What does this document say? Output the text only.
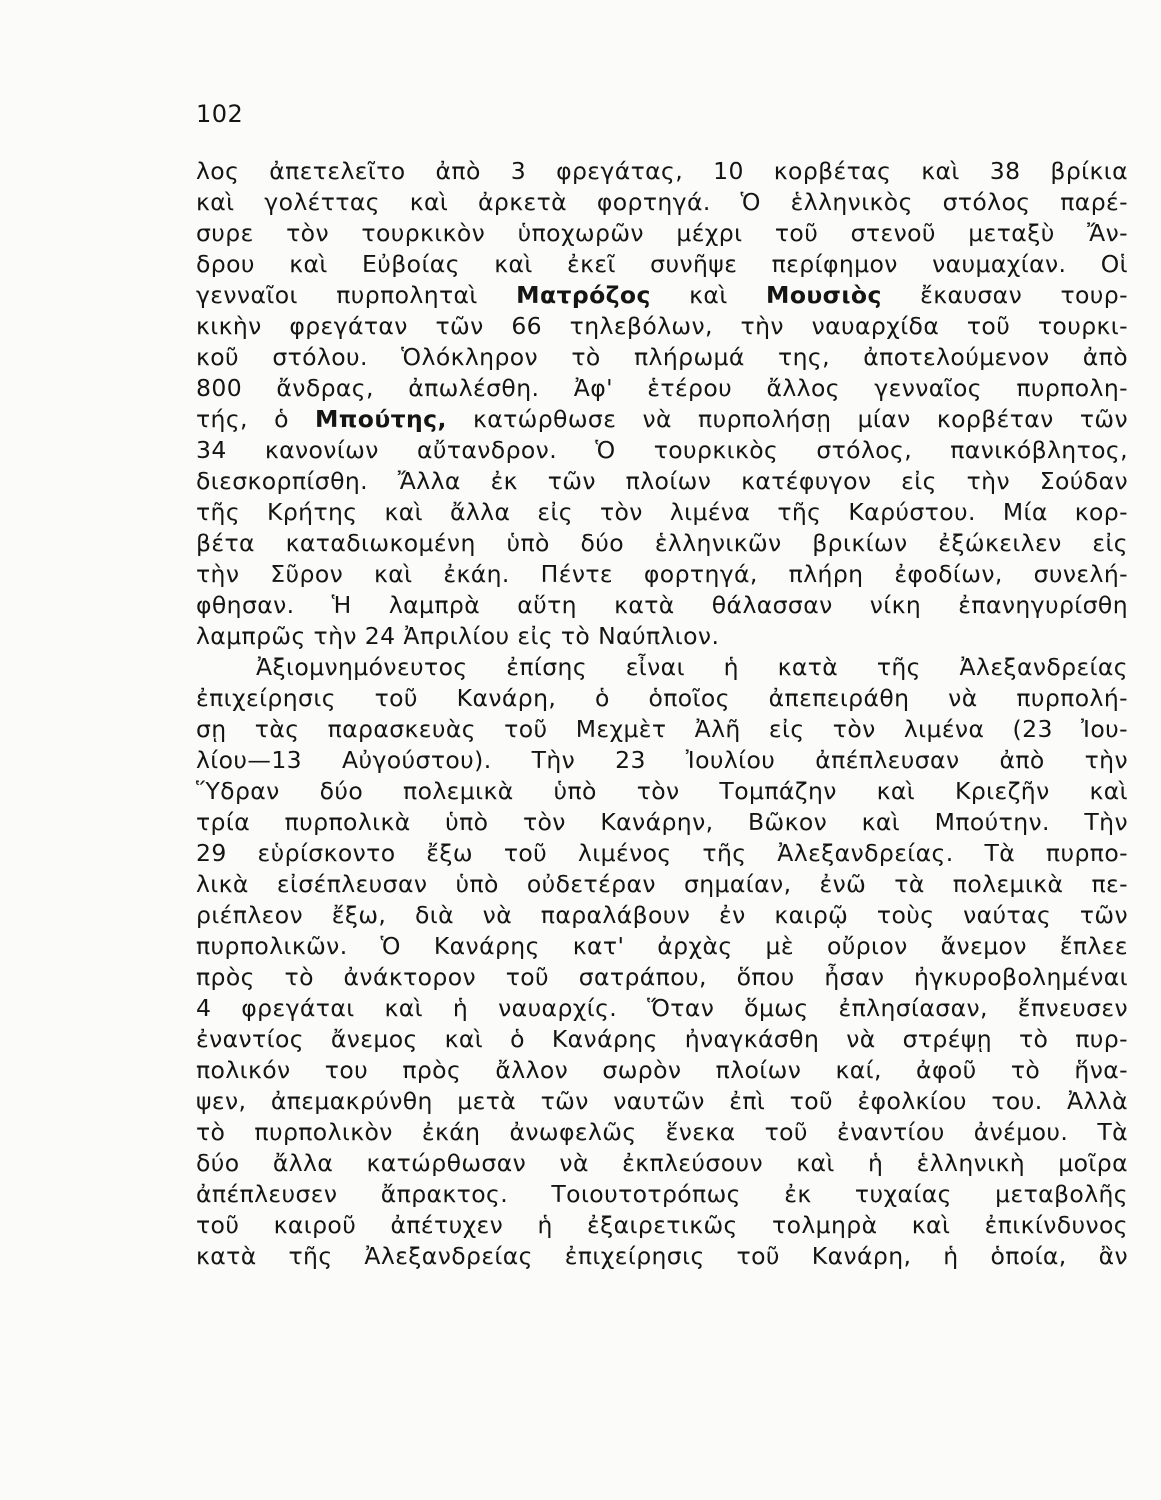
102
λος ἀπετελεῖτο ἀπὸ 3 φρεγάτας, 10 κορβέτας καὶ 38 βρίκια
καὶ γολέττας καὶ ἀρκετὰ φορτηγά. Ὁ ἑλληνικὸς στόλος παρέ-
συρε τὸν τουρκικὸν ὑποχωρῶν μέχρι τοῦ στενοῦ μεταξὺ Ἄν-
δρου καὶ Εὐβοίας καὶ ἐκεῖ συνῆψε περίφημον ναυμαχίαν. Οἱ
γενναῖοι πυρποληταὶ Ματρόζος καὶ Μουσιὸς ἔκαυσαν τουρ-
κικὴν φρεγάταν τῶν 66 τηλεβόλων, τὴν ναυαρχίδα τοῦ τουρκι-
κοῦ στόλου. Ὁλόκληρον τὸ πλήρωμά της, ἀποτελούμενον ἀπὸ
800 ἄνδρας, ἀπωλέσθη. Ἀφ' ἑτέρου ἄλλος γενναῖος πυρπολη-
τής, ὁ Μπούτης, κατώρθωσε νὰ πυρπολήσῃ μίαν κορβέταν τῶν
34 κανονίων αὔτανδρον. Ὁ τουρκικὸς στόλος, πανικόβλητος,
διεσκορπίσθη. Ἄλλα ἐκ τῶν πλοίων κατέφυγον εἰς τὴν Σούδαν
τῆς Κρήτης καὶ ἄλλα εἰς τὸν λιμένα τῆς Καρύστου. Μία κορ-
βέτα καταδιωκομένη ὑπὸ δύο ἑλληνικῶν βρικίων ἐξώκειλεν εἰς
τὴν Σῦρον καὶ ἐκάη. Πέντε φορτηγά, πλήρη ἐφοδίων, συνελή-
φθησαν. Ἡ λαμπρὰ αὕτη κατὰ θάλασσαν νίκη ἐπανηγυρίσθη
λαμπρῶς τὴν 24 Ἀπριλίου εἰς τὸ Ναύπλιον.
Ἀξιομνημόνευτος ἐπίσης εἶναι ἡ κατὰ τῆς Ἀλεξανδρείας
ἐπιχείρησις τοῦ Κανάρη, ὁ ὁποῖος ἀπεπειράθη νὰ πυρπολή-
σῃ τὰς παρασκευὰς τοῦ Μεχμὲτ Ἀλῆ εἰς τὸν λιμένα (23 Ἰου-
λίου—13 Αὐγούστου). Τὴν 23 Ἰουλίου ἀπέπλευσαν ἀπὸ τὴν
Ὕδραν δύο πολεμικὰ ὑπὸ τὸν Τομπάζην καὶ Κριεζῆν καὶ
τρία πυρπολικὰ ὑπὸ τὸν Κανάρην, Βῶκον καὶ Μπούτην. Τὴν
29 εὑρίσκοντο ἔξω τοῦ λιμένος τῆς Ἀλεξανδρείας. Τὰ πυρπο-
λικὰ εἰσέπλευσαν ὑπὸ οὐδετέραν σημαίαν, ἐνῶ τὰ πολεμικὰ πε-
ριέπλεον ἔξω, διὰ νὰ παραλάβουν ἐν καιρῷ τοὺς ναύτας τῶν
πυρπολικῶν. Ὁ Κανάρης κατ' ἀρχὰς μὲ οὔριον ἄνεμον ἔπλεε
πρὸς τὸ ἀνάκτορον τοῦ σατράπου, ὅπου ἦσαν ἠγκυροβολημέναι
4 φρεγάται καὶ ἡ ναυαρχίς. Ὅταν ὅμως ἐπλησίασαν, ἔπνευσεν
ἐναντίος ἄνεμος καὶ ὁ Κανάρης ἠναγκάσθη νὰ στρέψῃ τὸ πυρ-
πολικόν του πρὸς ἄλλον σωρὸν πλοίων καί, ἀφοῦ τὸ ἥνα-
ψεν, ἀπεμακρύνθη μετὰ τῶν ναυτῶν ἐπὶ τοῦ ἐφολκίου του. Ἀλλὰ
τὸ πυρπολικὸν ἐκάη ἀνωφελῶς ἕνεκα τοῦ ἐναντίου ἀνέμου. Τὰ
δύο ἄλλα κατώρθωσαν νὰ ἐκπλεύσουν καὶ ἡ ἑλληνικὴ μοῖρα
ἀπέπλευσεν ἄπρακτος. Τοιουτοτρόπως ἐκ τυχαίας μεταβολῆς
τοῦ καιροῦ ἀπέτυχεν ἡ ἐξαιρετικῶς τολμηρὰ καὶ ἐπικίνδυνος
κατὰ τῆς Ἀλεξανδρείας ἐπιχείρησις τοῦ Κανάρη, ἡ ὁποία, ἂν
